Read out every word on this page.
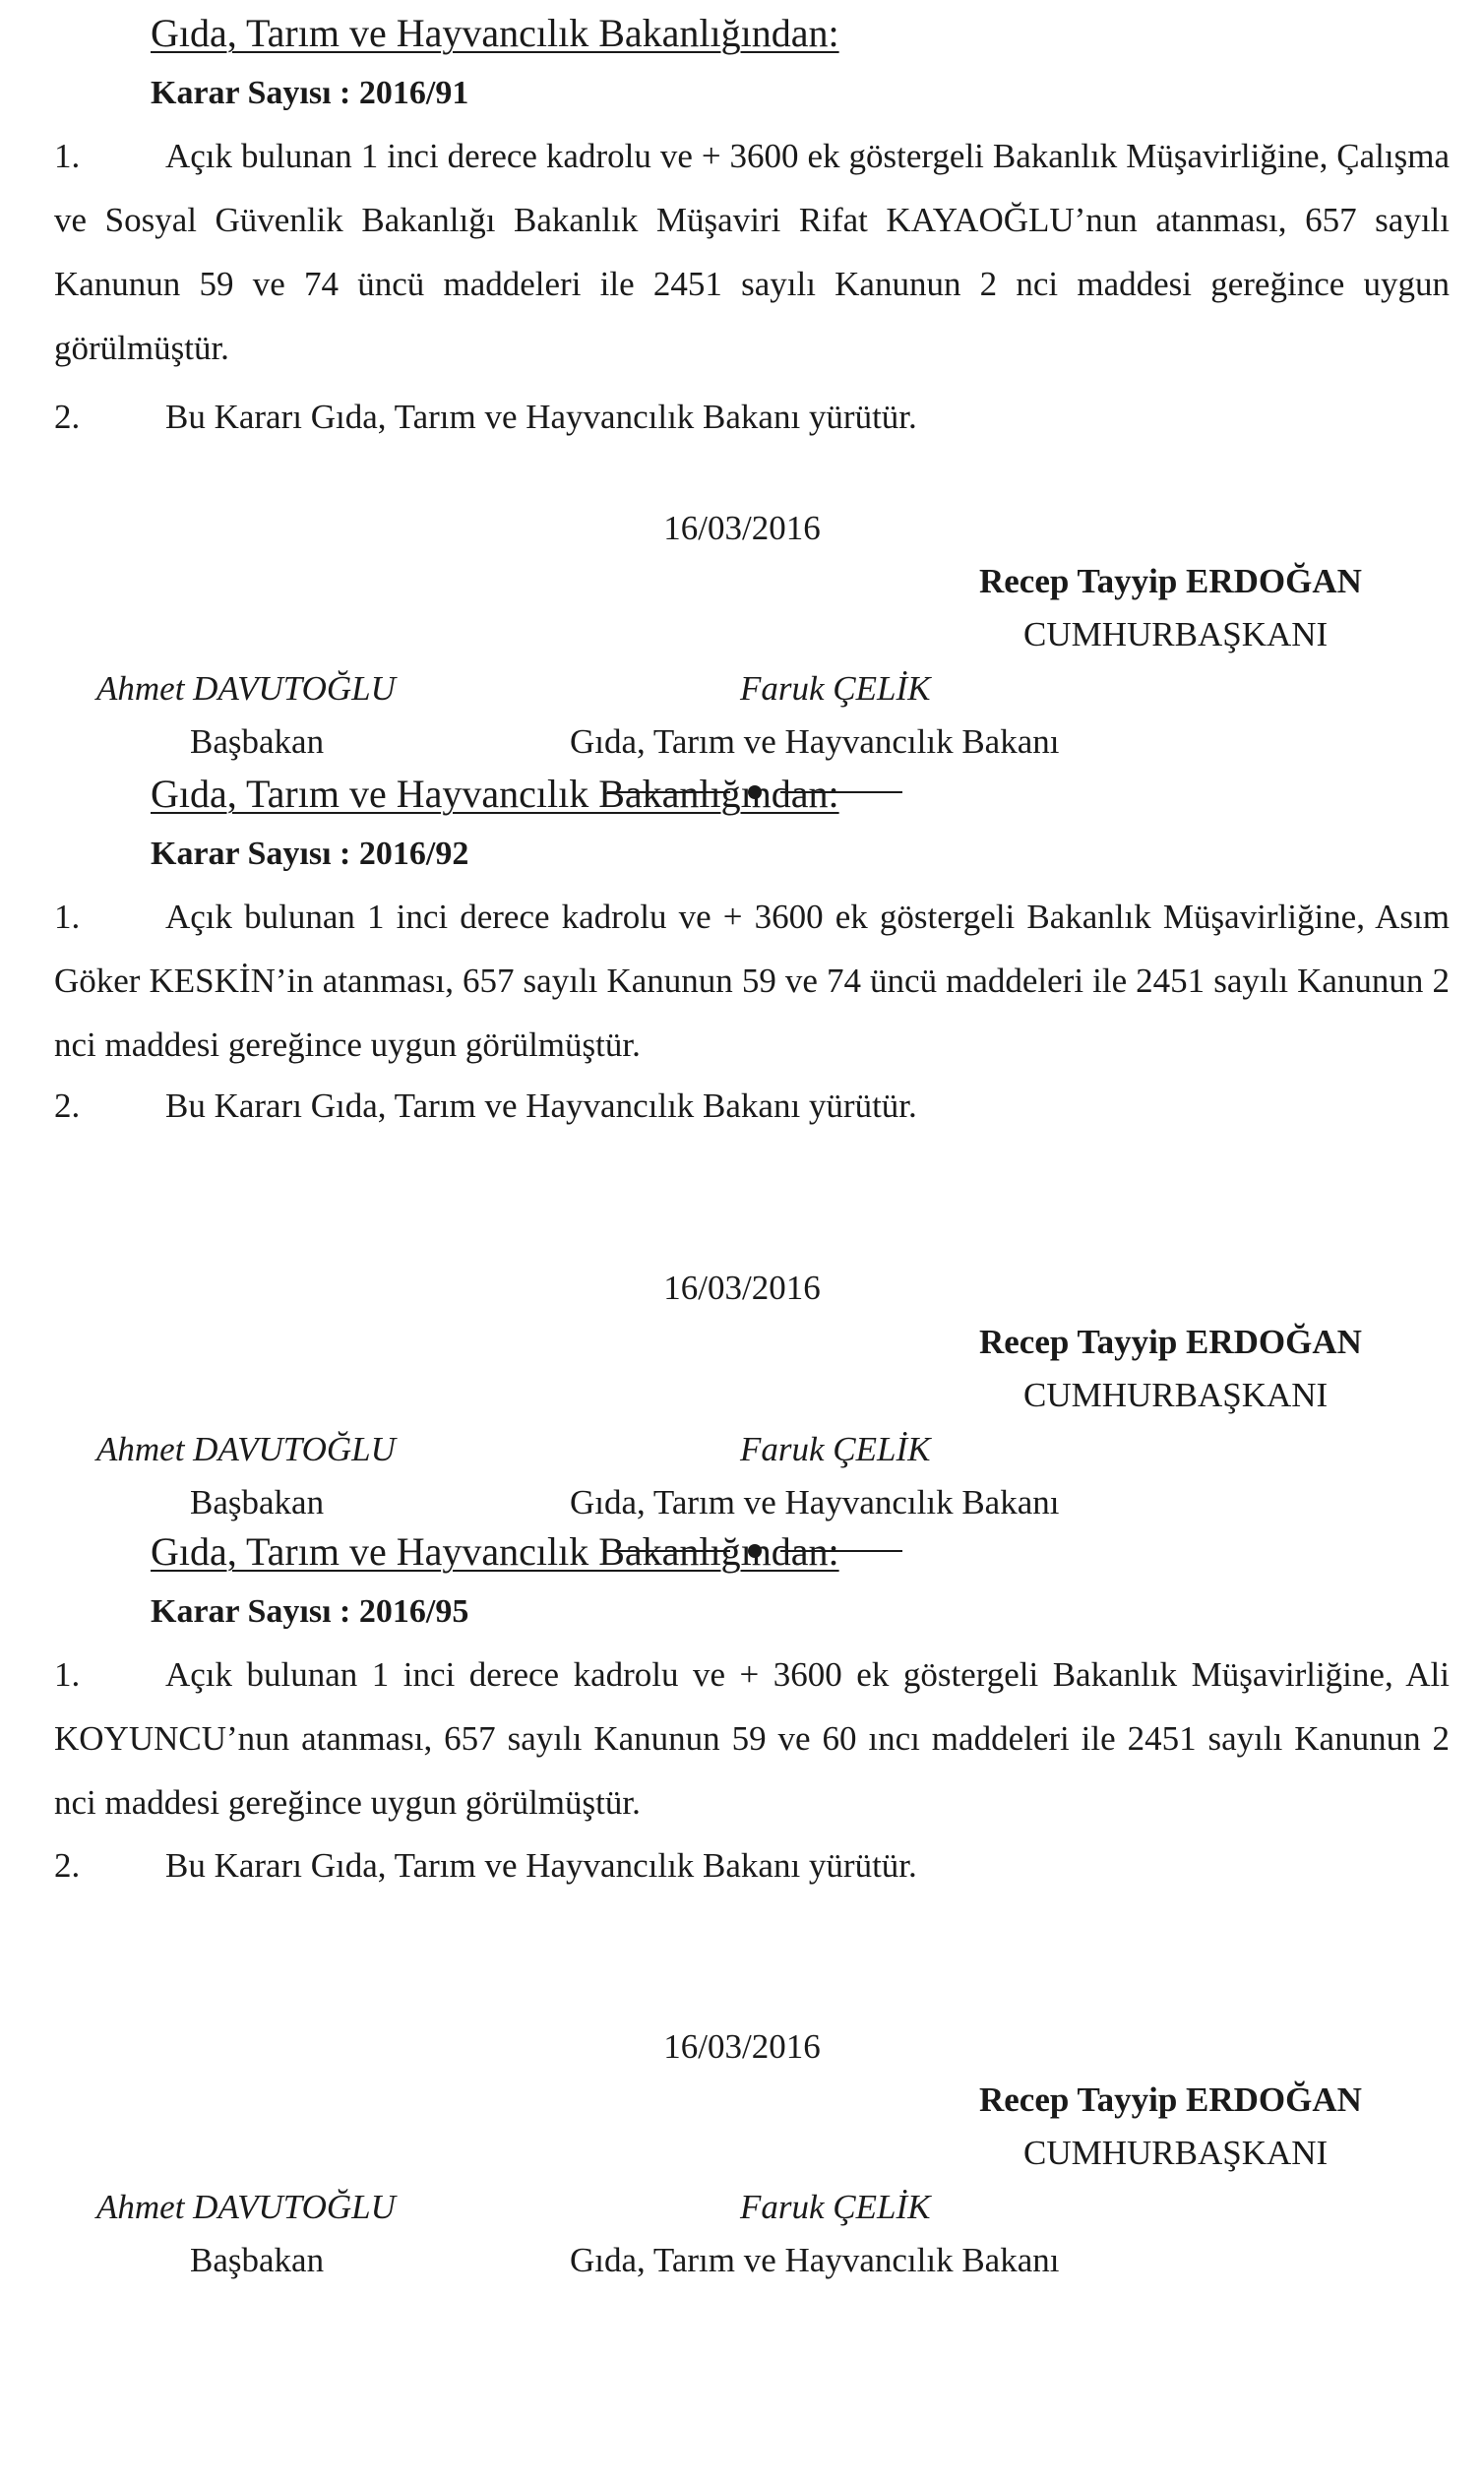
Gıda, Tarım ve Hayvancılık Bakanlığından:
Karar Sayısı : 2016/91
1. Açık bulunan 1 inci derece kadrolu ve + 3600 ek göstergeli Bakanlık Müşavirliğine, Çalışma ve Sosyal Güvenlik Bakanlığı Bakanlık Müşaviri Rifat KAYAOĞLU’nun atanması, 657 sayılı Kanunun 59 ve 74 üncü maddeleri ile 2451 sayılı Kanunun 2 nci maddesi gereğince uygun görülmüştür.
2. Bu Kararı Gıda, Tarım ve Hayvancılık Bakanı yürütür.
16/03/2016
Recep Tayyip ERDOĞAN
CUMHURBAŞKANI
Ahmet DAVUTOĞLU
Başbakan
Faruk ÇELİK
Gıda, Tarım ve Hayvancılık Bakanı
Gıda, Tarım ve Hayvancılık Bakanlığından:
Karar Sayısı : 2016/92
1. Açık bulunan 1 inci derece kadrolu ve + 3600 ek göstergeli Bakanlık Müşavirliğine, Asım Göker KESKİN’in atanması, 657 sayılı Kanunun 59 ve 74 üncü maddeleri ile 2451 sayılı Kanunun 2 nci maddesi gereğince uygun görülmüştür.
2. Bu Kararı Gıda, Tarım ve Hayvancılık Bakanı yürütür.
16/03/2016
Recep Tayyip ERDOĞAN
CUMHURBAŞKANI
Ahmet DAVUTOĞLU
Başbakan
Faruk ÇELİK
Gıda, Tarım ve Hayvancılık Bakanı
Gıda, Tarım ve Hayvancılık Bakanlığından:
Karar Sayısı : 2016/95
1. Açık bulunan 1 inci derece kadrolu ve + 3600 ek göstergeli Bakanlık Müşavirliğine, Ali KOYUNCU’nun atanması, 657 sayılı Kanunun 59 ve 60 ıncı maddeleri ile 2451 sayılı Kanunun 2 nci maddesi gereğince uygun görülmüştür.
2. Bu Kararı Gıda, Tarım ve Hayvancılık Bakanı yürütür.
16/03/2016
Recep Tayyip ERDOĞAN
CUMHURBAŞKANI
Ahmet DAVUTOĞLU
Başbakan
Faruk ÇELİK
Gıda, Tarım ve Hayvancılık Bakanı
